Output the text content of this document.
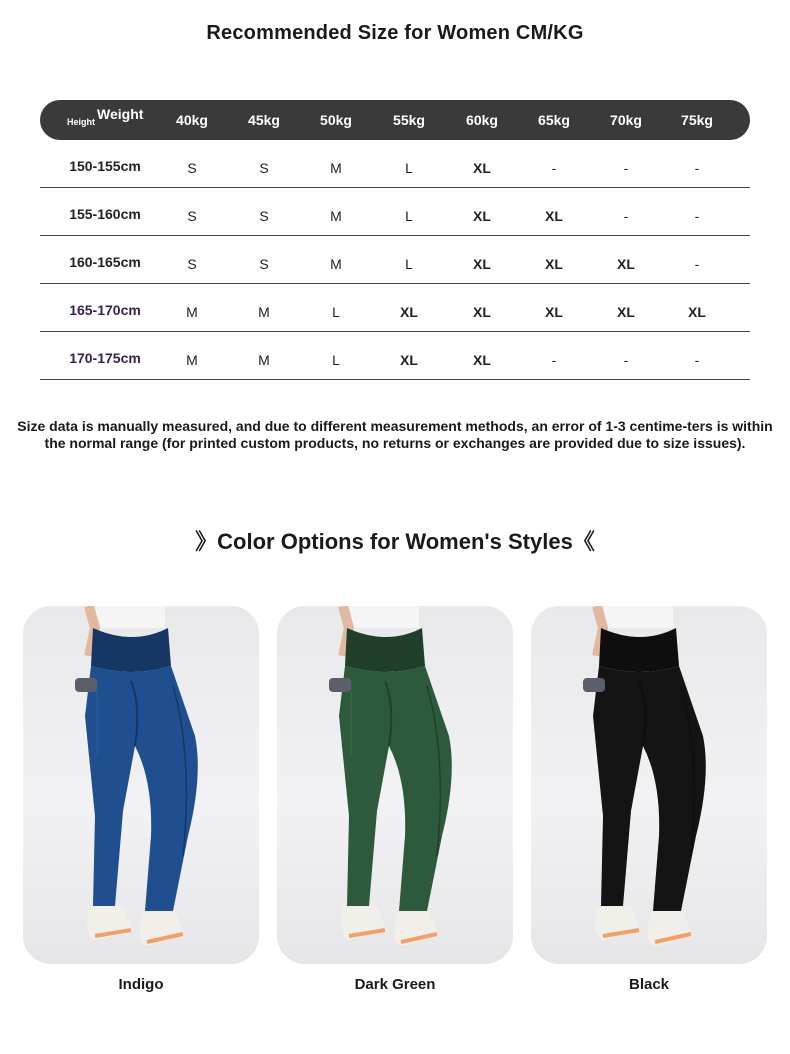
Recommended Size for Women CM/KG
Height Weight	40kg	45kg	50kg	55kg	60kg	65kg	70kg	75kg
150-155cm	S	S	M	L	XL	-	-	-
155-160cm	S	S	M	L	XL	XL	-	-
160-165cm	S	S	M	L	XL	XL	XL	-
165-170cm	M	M	L	XL	XL	XL	XL	XL
170-175cm	M	M	L	XL	XL	-	-	-
Size data is manually measured, and due to different measurement methods, an error of 1-3 centime-ters is within the normal range (for printed custom products, no returns or exchanges are provided due to size issues).
》Color Options for Women's Styles《
Indigo	Dark Green	Black
